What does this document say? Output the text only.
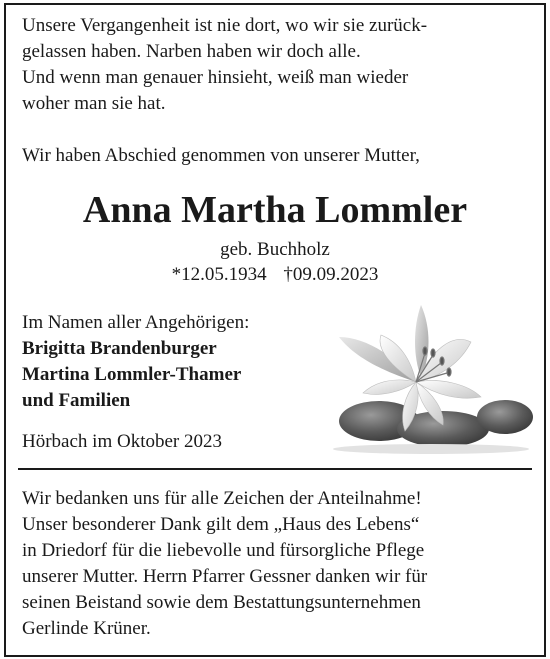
Unsere Vergangenheit ist nie dort, wo wir sie zurück-
gelassen haben. Narben haben wir doch alle.
Und wenn man genauer hinsieht, weiß man wieder
woher man sie hat.
Wir haben Abschied genommen von unserer Mutter,
Anna Martha Lommler
geb. Buchholz
*12.05.1934 †09.09.2023
Im Namen aller Angehörigen:
Brigitta Brandenburger
Martina Lommler-Thamer
und Familien
Hörbach im Oktober 2023
Wir bedanken uns für alle Zeichen der Anteilnahme!
Unser besonderer Dank gilt dem „Haus des Lebens“
in Driedorf für die liebevolle und fürsorgliche Pflege
unserer Mutter. Herrn Pfarrer Gessner danken wir für
seinen Beistand sowie dem Bestattungsunternehmen
Gerlinde Krüner.
